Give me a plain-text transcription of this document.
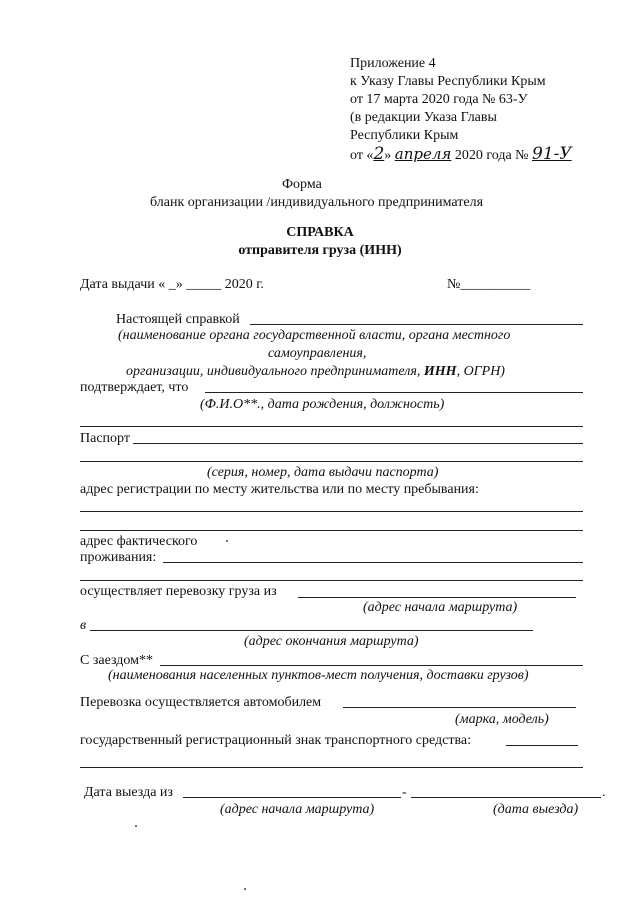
Приложение 4
к Указу Главы Республики Крым
от 17 марта 2020 года № 63-У
(в редакции Указа Главы
Республики Крым
от «2» апреля 2020 года № 91-У
Форма
бланк организации /индивидуального предпринимателя
СПРАВКА
отправителя груза (ИНН)
Дата выдачи « _» _____ 2020 г.	№__________
Настоящей справкой
(наименование органа государственной власти, органа местного
самоуправления,
организации, индивидуального предпринимателя, ИНН, ОГРН)
подтверждает, что
(Ф.И.О**., дата рождения, должность)
Паспорт
(серия, номер, дата выдачи паспорта)
адрес регистрации по месту жительства или по месту пребывания:
адрес фактического
проживания:
осуществляет перевозку груза из
(адрес начала маршрута)
в
(адрес окончания маршрута)
С заездом**
(наименования населенных пунктов-мест получения, доставки грузов)
Перевозка осуществляется автомобилем
(марка, модель)
государственный регистрационный знак транспортного средства:
Дата выезда из	-	.
(адрес начала маршрута)	(дата выезда)
